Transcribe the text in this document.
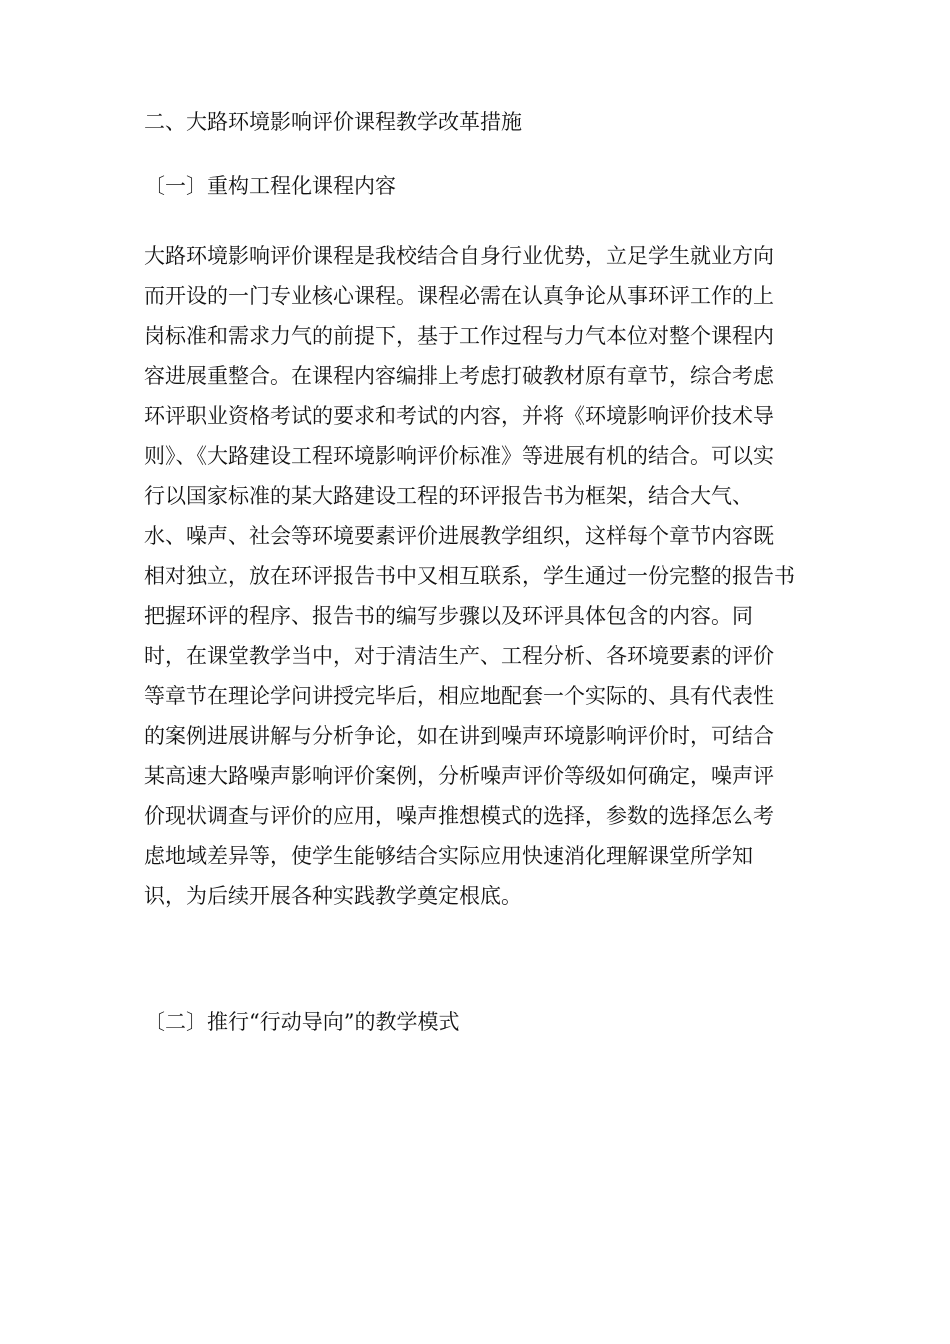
二、大路环境影响评价课程教学改革措施
〔一〕重构工程化课程内容
大路环境影响评价课程是我校结合自身行业优势，立足学生就业方向
而开设的一门专业核心课程。课程必需在认真争论从事环评工作的上
岗标准和需求力气的前提下，基于工作过程与力气本位对整个课程内
容进展重整合。在课程内容编排上考虑打破教材原有章节，综合考虑
环评职业资格考试的要求和考试的内容，并将《环境影响评价技术导
则》、《大路建设工程环境影响评价标准》等进展有机的结合。可以实
行以国家标准的某大路建设工程的环评报告书为框架，结合大气、
水、噪声、社会等环境要素评价进展教学组织，这样每个章节内容既
相对独立，放在环评报告书中又相互联系，学生通过一份完整的报告书
把握环评的程序、报告书的编写步骤以及环评具体包含的内容。同
时，在课堂教学当中，对于清洁生产、工程分析、各环境要素的评价
等章节在理论学问讲授完毕后，相应地配套一个实际的、具有代表性
的案例进展讲解与分析争论，如在讲到噪声环境影响评价时，可结合
某高速大路噪声影响评价案例，分析噪声评价等级如何确定，噪声评
价现状调查与评价的应用，噪声推想模式的选择，参数的选择怎么考
虑地域差异等，使学生能够结合实际应用快速消化理解课堂所学知
识，为后续开展各种实践教学奠定根底。
〔二〕推行“行动导向”的教学模式
